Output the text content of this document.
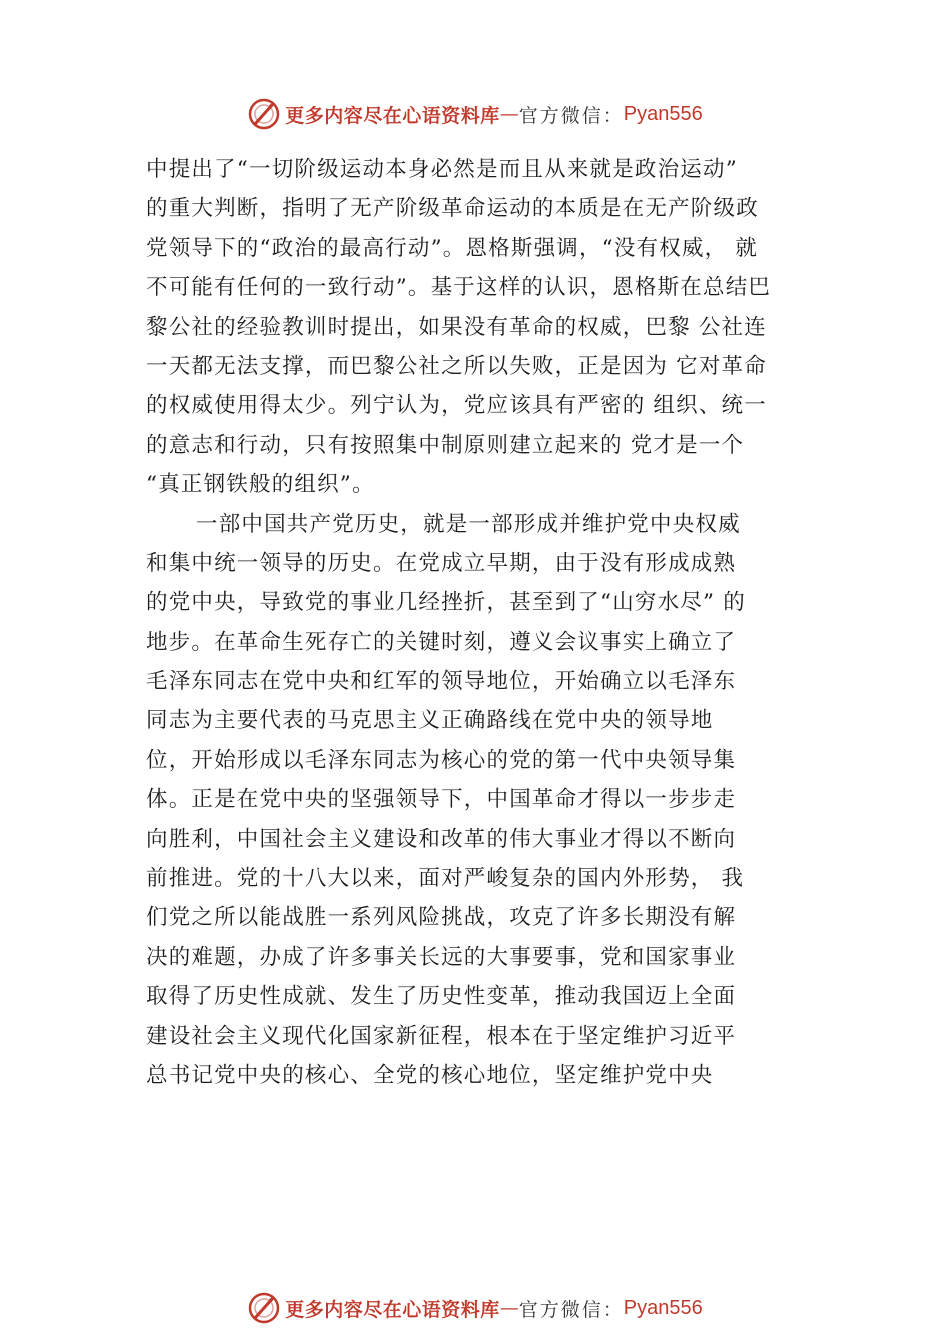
更多内容尽在心语资料库 — 官方微信： Pyan556
中提出了“一切阶级运动本身必然是而且从来就是政治运动”
的重大判断，指明了无产阶级革命运动的本质是在无产阶级政
党领导下的“政治的最高行动”。恩格斯强调，“没有权威， 就
不可能有任何的一致行动”。基于这样的认识，恩格斯在总结巴
黎公社的经验教训时提出，如果没有革命的权威，巴黎 公社连
一天都无法支撑，而巴黎公社之所以失败，正是因为 它对革命
的权威使用得太少。列宁认为，党应该具有严密的 组织、统一
的意志和行动，只有按照集中制原则建立起来的 党才是一个
“真正钢铁般的组织”。
一部中国共产党历史，就是一部形成并维护党中央权威
和集中统一领导的历史。在党成立早期，由于没有形成成熟
的党中央，导致党的事业几经挫折，甚至到了“山穷水尽” 的
地步。在革命生死存亡的关键时刻，遵义会议事实上确立了
毛泽东同志在党中央和红军的领导地位，开始确立以毛泽东
同志为主要代表的马克思主义正确路线在党中央的领导地
位，开始形成以毛泽东同志为核心的党的第一代中央领导集
体。正是在党中央的坚强领导下，中国革命才得以一步步走
向胜利，中国社会主义建设和改革的伟大事业才得以不断向
前推进。党的十八大以来，面对严峻复杂的国内外形势， 我
们党之所以能战胜一系列风险挑战，攻克了许多长期没有解
决的难题，办成了许多事关长远的大事要事，党和国家事业
取得了历史性成就、发生了历史性变革，推动我国迈上全面
建设社会主义现代化国家新征程，根本在于坚定维护习近平
总书记党中央的核心、全党的核心地位，坚定维护党中央
更多内容尽在心语资料库 — 官方微信： Pyan556
